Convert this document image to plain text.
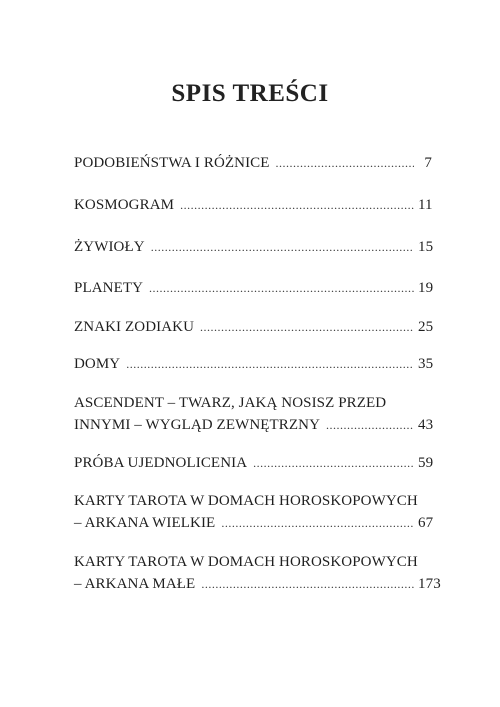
SPIS TREŚCI
PODOBIEŃSTWA I RÓŻNICE .....	7
KOSMOGRAM .....	11
ŻYWIOŁY .....	15
PLANETY .....	19
ZNAKI ZODIAKU .....	25
DOMY .....	35
ASCENDENT – TWARZ, JAKĄ NOSISZ PRZED
INNYMI – WYGLĄD ZEWNĘTRZNY .....	43
PRÓBA UJEDNOLICENIA .....	59
KARTY TAROTA W DOMACH HOROSKOPOWYCH
– ARKANA WIELKIE .....	67
KARTY TAROTA W DOMACH HOROSKOPOWYCH
– ARKANA MAŁE .....	173
